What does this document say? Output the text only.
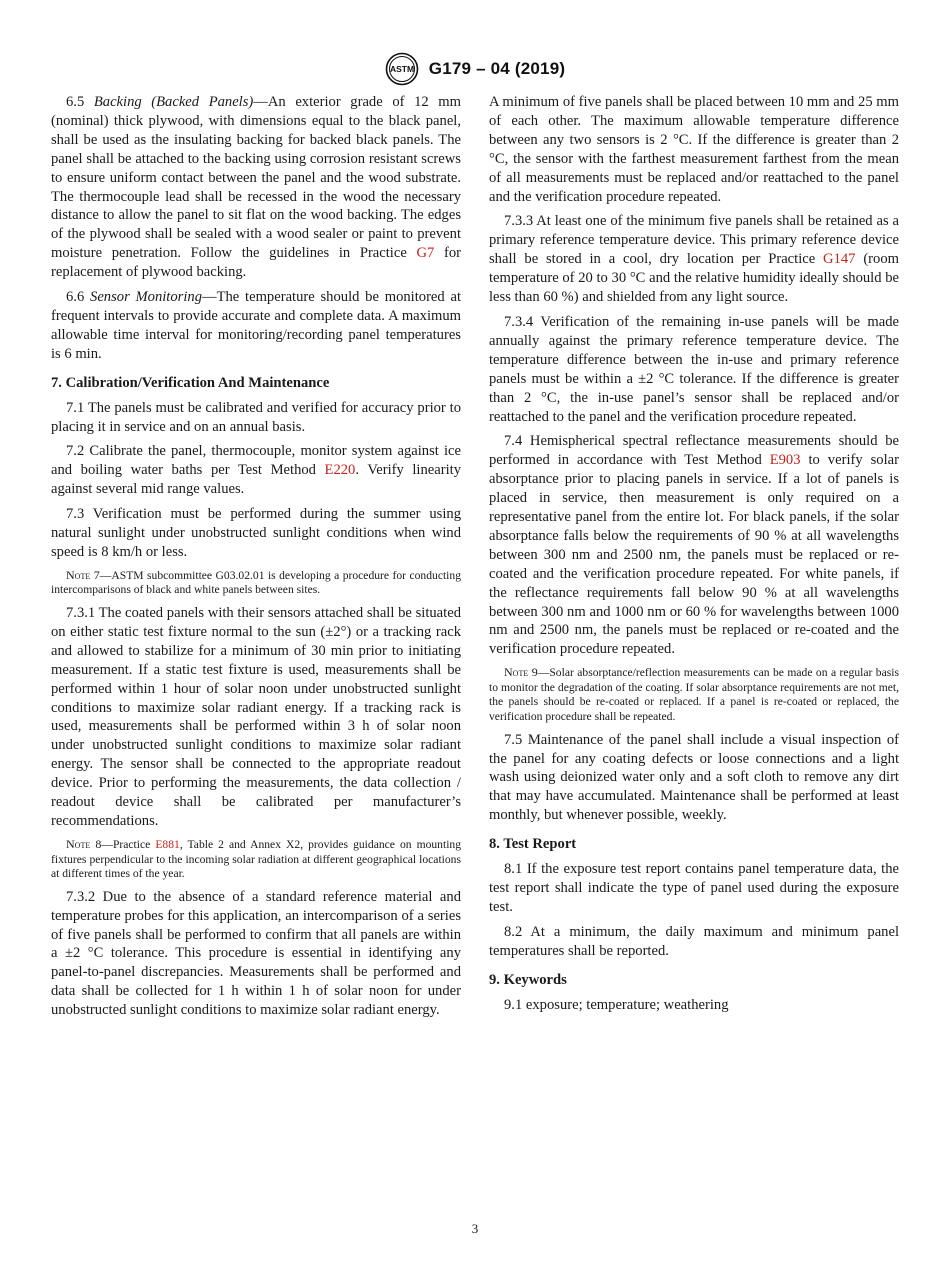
ASTM G179 – 04 (2019)

6.5 Backing (Backed Panels)—An exterior grade of 12 mm (nominal) thick plywood, with dimensions equal to the black panel, shall be used as the insulating backing for backed black panels. The panel shall be attached to the backing using corrosion resistant screws to ensure uniform contact between the panel and the wood substrate. The thermocouple lead shall be recessed in the wood the necessary distance to allow the panel to sit flat on the wood backing. The edges of the plywood shall be sealed with a wood sealer or paint to prevent moisture penetration. Follow the guidelines in Practice G7 for replacement of plywood backing.

6.6 Sensor Monitoring—The temperature should be monitored at frequent intervals to provide accurate and complete data. A maximum allowable time interval for monitoring/recording panel temperatures is 6 min.

7. Calibration/Verification And Maintenance

7.1 The panels must be calibrated and verified for accuracy prior to placing it in service and on an annual basis.

7.2 Calibrate the panel, thermocouple, monitor system against ice and boiling water baths per Test Method E220. Verify linearity against several mid range values.

7.3 Verification must be performed during the summer using natural sunlight under unobstructed sunlight conditions when wind speed is 8 km/h or less.

Note 7—ASTM subcommittee G03.02.01 is developing a procedure for conducting intercomparisons of black and white panels between sites.

7.3.1 The coated panels with their sensors attached shall be situated on either static test fixture normal to the sun (±2°) or a tracking rack and allowed to stabilize for a minimum of 30 min prior to initiating measurement. If a static test fixture is used, measurements shall be performed within 1 hour of solar noon under unobstructed sunlight conditions to maximize solar radiant energy. If a tracking rack is used, measurements shall be performed within 3 h of solar noon under unobstructed sunlight conditions to maximize solar radiant energy. The sensor shall be connected to the appropriate readout device. Prior to performing the measurements, the data collection / readout device shall be calibrated per manufacturer’s recommendations.

Note 8—Practice E881, Table 2 and Annex X2, provides guidance on mounting fixtures perpendicular to the incoming solar radiation at different geographical locations at different times of the year.

7.3.2 Due to the absence of a standard reference material and temperature probes for this application, an intercomparison of a series of five panels shall be performed to confirm that all panels are within a ±2 °C tolerance. This procedure is essential in identifying any panel-to-panel discrepancies. Measurements shall be performed and data shall be collected for 1 h within 1 h of solar noon for under unobstructed sunlight conditions to maximize solar radiant energy.

A minimum of five panels shall be placed between 10 mm and 25 mm of each other. The maximum allowable temperature difference between any two sensors is 2 °C. If the difference is greater than 2 °C, the sensor with the farthest measurement farthest from the mean of all measurements must be replaced and/or reattached to the panel and the verification procedure repeated.

7.3.3 At least one of the minimum five panels shall be retained as a primary reference temperature device. This primary reference device shall be stored in a cool, dry location per Practice G147 (room temperature of 20 to 30 °C and the relative humidity ideally should be less than 60 %) and shielded from any light source.

7.3.4 Verification of the remaining in-use panels will be made annually against the primary reference temperature device. The temperature difference between the in-use and primary reference panels must be within a ±2 °C tolerance. If the difference is greater than 2 °C, the in-use panel’s sensor shall be replaced and/or reattached to the panel and the verification procedure repeated.

7.4 Hemispherical spectral reflectance measurements should be performed in accordance with Test Method E903 to verify solar absorptance prior to placing panels in service. If a lot of panels is placed in service, then measurement is only required on a representative panel from the entire lot. For black panels, if the solar absorptance falls below the requirements of 90 % at all wavelengths between 300 nm and 2500 nm, the panels must be replaced or re-coated and the verification procedure repeated. For white panels, if the reflectance requirements fall below 90 % at all wavelengths between 300 nm and 1000 nm or 60 % for wavelengths between 1000 nm and 2500 nm, the panels must be replaced or re-coated and the verification procedure repeated.

Note 9—Solar absorptance/reflection measurements can be made on a regular basis to monitor the degradation of the coating. If solar absorptance requirements are not met, the panels should be re-coated or replaced. If a panel is re-coated or replaced, the verification procedure shall be repeated.

7.5 Maintenance of the panel shall include a visual inspection of the panel for any coating defects or loose connections and a light wash using deionized water only and a soft cloth to remove any dirt that may have accumulated. Maintenance shall be performed at least monthly, but whenever possible, weekly.

8. Test Report

8.1 If the exposure test report contains panel temperature data, the test report shall indicate the type of panel used during the exposure test.

8.2 At a minimum, the daily maximum and minimum panel temperatures shall be reported.

9. Keywords

9.1 exposure; temperature; weathering

3
